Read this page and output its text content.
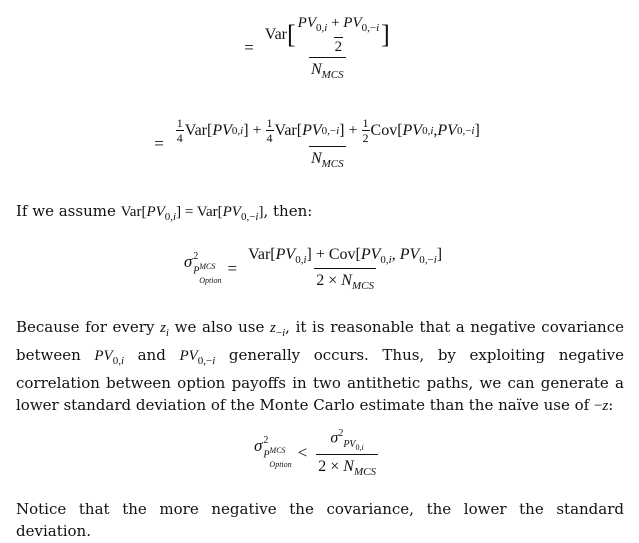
=
Var [ $\frac{PV_{0,i} + PV_{0,-i}}{2}$ ]
$N_{MCS}$
=
1
4 Var[ PV 0,i ] + 1
4 Var[ PV 0,−i ] + 1
2 Cov[ PV 0,i , PV 0,−i ]
$N_{MCS}$
If we assume $Var[PV_{0,i}] = Var[PV_{0,-i}]$, then:
σ 2
$P^{MCS}$
Option
= $\frac{Var[PV_{0,i}] + Cov[PV_{0,i}, PV_{0,-i}]}{2 \times N_{MCS}}$
Because for every $z_i$ we also use $z_{-i}$, it is reasonable that a negative covariance between $PV_{0,i}$ and $PV_{0,-i}$ generally occurs. Thus, by exploiting negative correlation between option payoffs in two antithetic paths, we can generate a lower standard deviation of the Monte Carlo estimate than the naïve use of −z:
σ 2
$P^{MCS}$
Option
< $\frac{\sigma^2_{PV_{0,i}}}{2 \times N_{MCS}}$
Notice that the more negative the covariance, the lower the standard deviation.
